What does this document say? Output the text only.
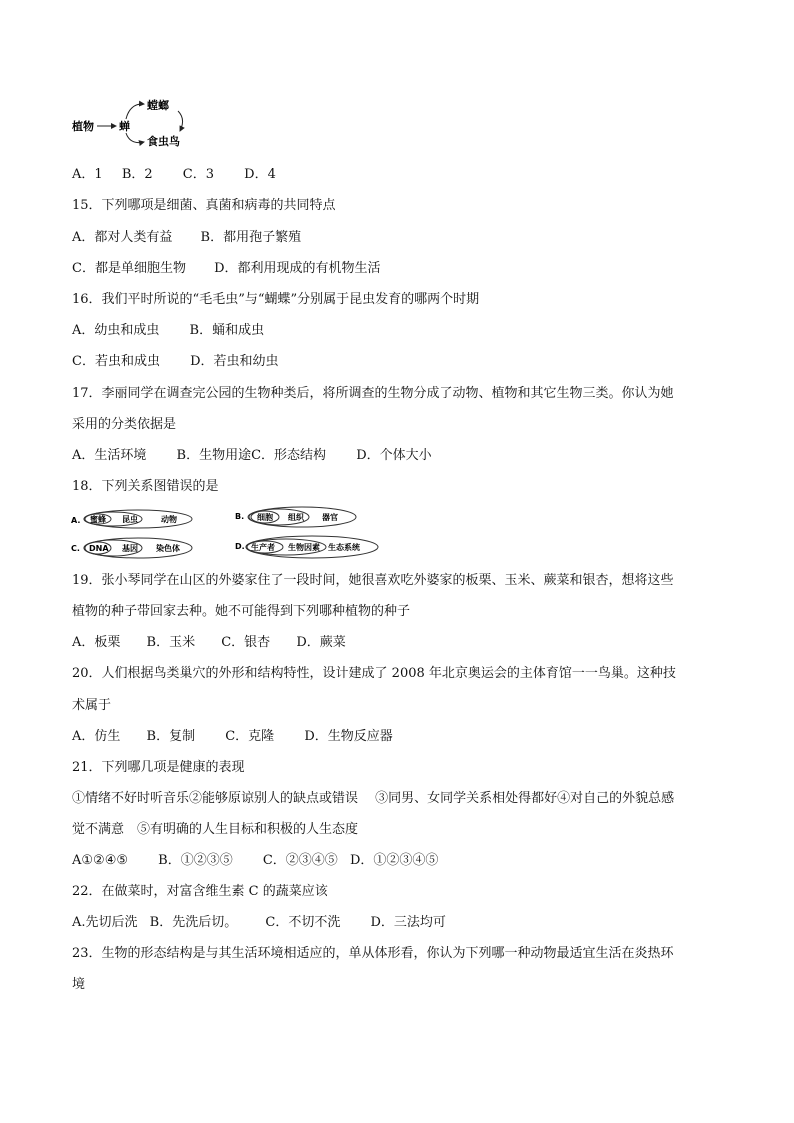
植物 蝉
螳螂
食虫鸟
A．1 B．2 C．3 D．4
15．下列哪项是细菌、真菌和病毒的共同特点
A．都对人类有益 B．都用孢子繁殖
C．都是单细胞生物 D．都利用现成的有机物生活
16．我们平时所说的“毛毛虫”与“蝴蝶”分别属于昆虫发育的哪两个时期
A．幼虫和成虫 B．蛹和成虫
C．若虫和成虫 D．若虫和幼虫
17．李丽同学在调查完公园的生物种类后，将所调查的生物分成了动物、植物和其它生物三类。你认为她
采用的分类依据是
A．生活环境 B．生物用途C．形态结构 D．个体大小
18．下列关系图错误的是
A. 蜜蜂 昆虫	动物	B. 细胞 组织 器官
C. DNA 基因 染色体	D. 生产者 生物因素 生态系统
19．张小琴同学在山区的外婆家住了一段时间，她很喜欢吃外婆家的板栗、玉米、蕨菜和银杏，想将这些
植物的种子带回家去种。她不可能得到下列哪种植物的种子
A．板栗 B．玉米 C．银杏 D．蕨菜
20．人们根据鸟类巢穴的外形和结构特性，设计建成了 2008 年北京奥运会的主体育馆一一鸟巢。这种技
术属于
A．仿生 B．复制 C．克隆 D．生物反应器
21．下列哪几项是健康的表现
①情绪不好时听音乐②能够原谅别人的缺点或错误　 ③同男、女同学关系相处得都好④对自己的外貌总感
觉不满意　⑤有明确的人生目标和积极的人生态度
A①②④⑤ B．①②③⑤ C．②③④⑤ D．①②③④⑤
22．在做菜时，对富含维生素 C 的蔬菜应该
A.先切后洗 B．先洗后切。 C．不切不洗 D．三法均可
23．生物的形态结构是与其生活环境相适应的，单从体形看，你认为下列哪一种动物最适宜生活在炎热环
境
